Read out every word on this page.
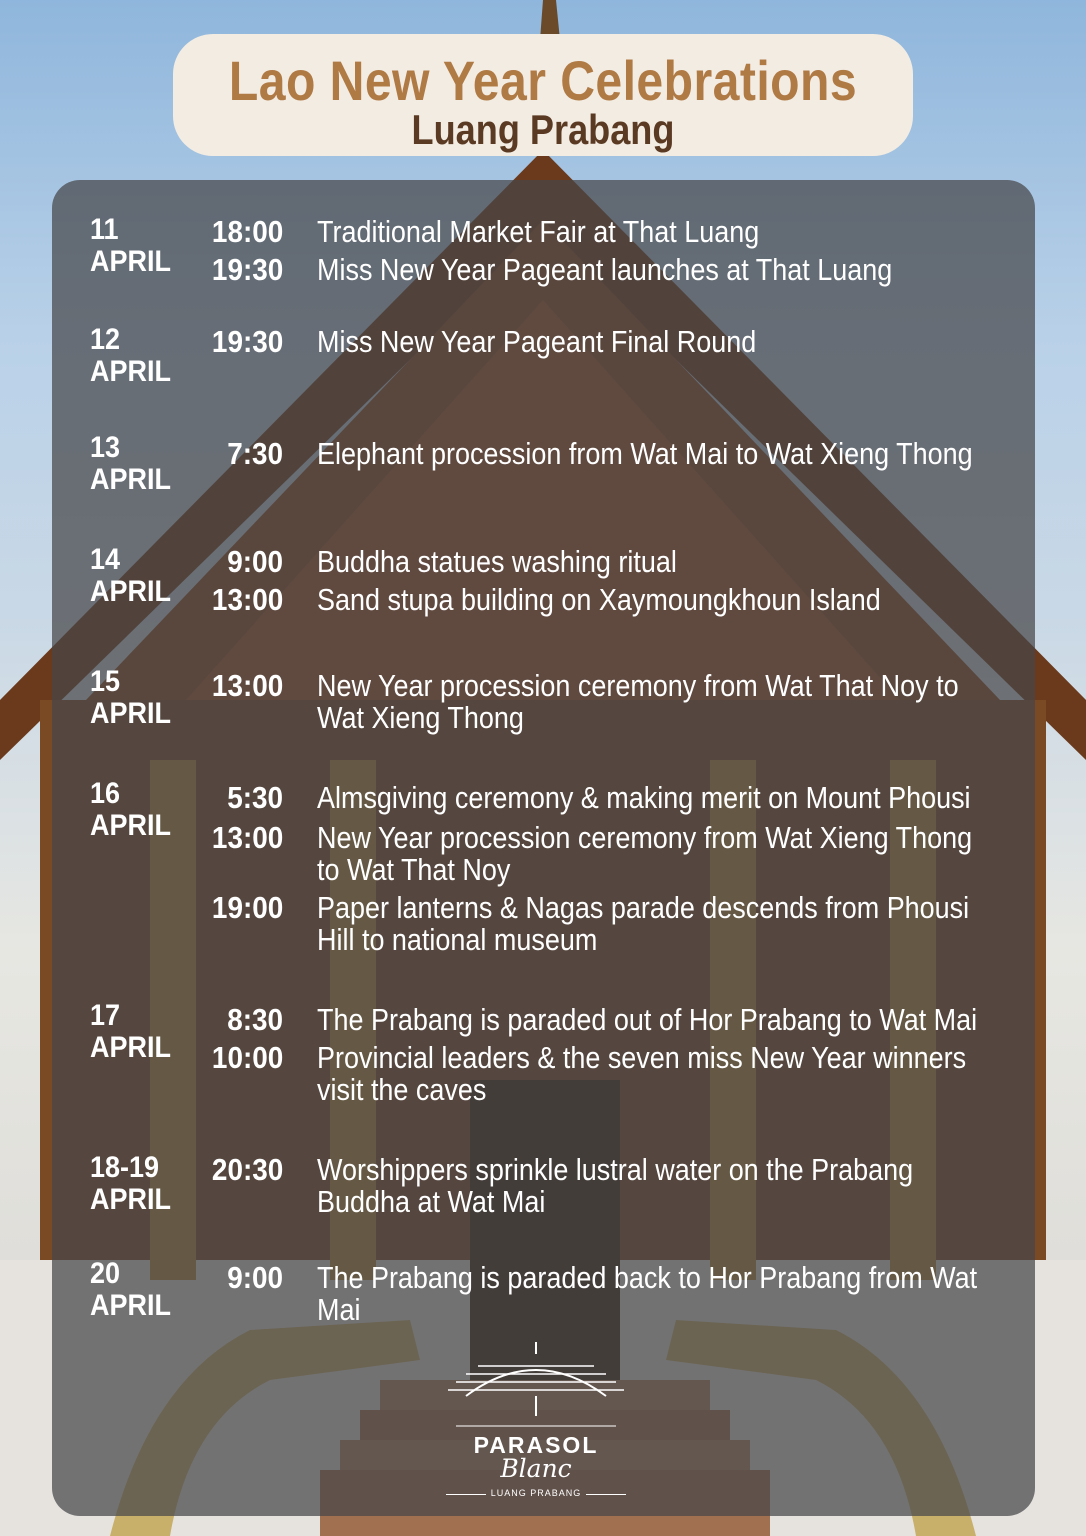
Lao New Year Celebrations
Luang Prabang
11
APRIL
18:00 Traditional Market Fair at That Luang
19:30 Miss New Year Pageant launches at That Luang
12
APRIL
19:30 Miss New Year Pageant Final Round
13
APRIL
7:30 Elephant procession from Wat Mai to Wat Xieng Thong
14
APRIL
9:00 Buddha statues washing ritual
13:00 Sand stupa building on Xaymoungkhoun Island
15
APRIL
13:00 New Year procession ceremony from Wat That Noy to Wat Xieng Thong
16
APRIL
5:30 Almsgiving ceremony & making merit on Mount Phousi
13:00 New Year procession ceremony from Wat Xieng Thong to Wat That Noy
19:00 Paper lanterns & Nagas parade descends from Phousi Hill to national museum
17
APRIL
8:30 The Prabang is paraded out of Hor Prabang to Wat Mai
10:00 Provincial leaders & the seven miss New Year winners visit the caves
18-19
APRIL
20:30 Worshippers sprinkle lustral water on the Prabang Buddha at Wat Mai
20
APRIL
9:00 The Prabang is paraded back to Hor Prabang from Wat Mai
PARASOL
Blanc
LUANG PRABANG
